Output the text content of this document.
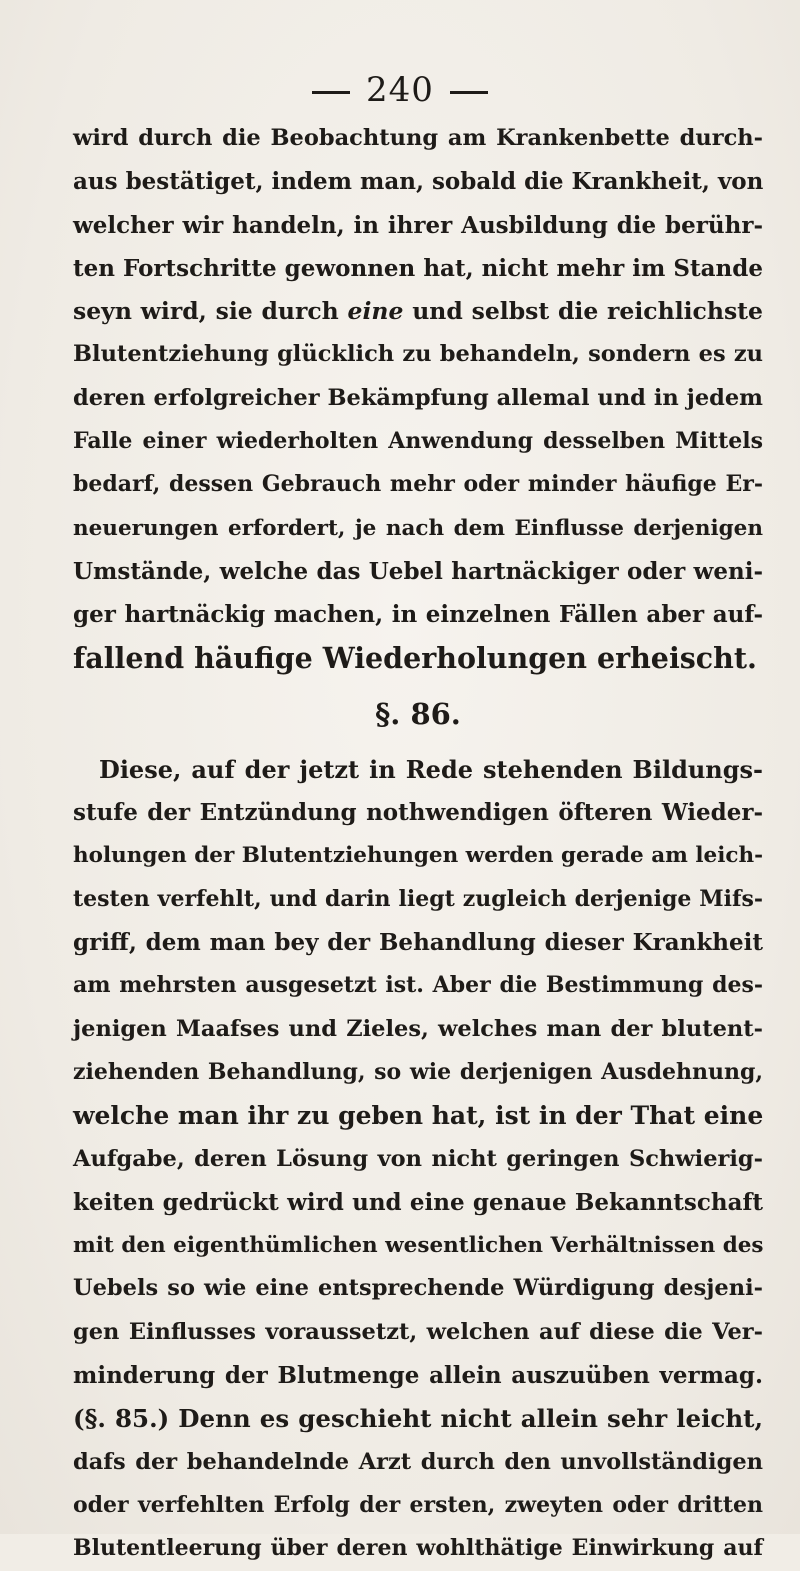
240
wird durch die Beobachtung am Krankenbette durch-
aus bestätiget, indem man, sobald die Krankheit, von
welcher wir handeln, in ihrer Ausbildung die berühr-
ten Fortschritte gewonnen hat, nicht mehr im Stande
seyn wird, sie durch eine und selbst die reichlichste
Blutentziehung glücklich zu behandeln, sondern es zu
deren erfolgreicher Bekämpfung allemal und in jedem
Falle einer wiederholten Anwendung desselben Mittels
bedarf, dessen Gebrauch mehr oder minder häufige Er-
neuerungen erfordert, je nach dem Einflusse derjenigen
Umstände, welche das Uebel hartnäckiger oder weni-
ger hartnäckig machen, in einzelnen Fällen aber auf-
fallend häufige Wiederholungen erheischt.
§. 86.
Diese, auf der jetzt in Rede stehenden Bildungs-
stufe der Entzündung nothwendigen öfteren Wieder-
holungen der Blutentziehungen werden gerade am leich-
testen verfehlt, und darin liegt zugleich derjenige Mifs-
griff, dem man bey der Behandlung dieser Krankheit
am mehrsten ausgesetzt ist. Aber die Bestimmung des-
jenigen Maafses und Zieles, welches man der blutent-
ziehenden Behandlung, so wie derjenigen Ausdehnung,
welche man ihr zu geben hat, ist in der That eine
Aufgabe, deren Lösung von nicht geringen Schwierig-
keiten gedrückt wird und eine genaue Bekanntschaft
mit den eigenthümlichen wesentlichen Verhältnissen des
Uebels so wie eine entsprechende Würdigung desjeni-
gen Einflusses voraussetzt, welchen auf diese die Ver-
minderung der Blutmenge allein auszuüben vermag.
(§. 85.) Denn es geschieht nicht allein sehr leicht,
dafs der behandelnde Arzt durch den unvollständigen
oder verfehlten Erfolg der ersten, zweyten oder dritten
Blutentleerung über deren wohlthätige Einwirkung auf
